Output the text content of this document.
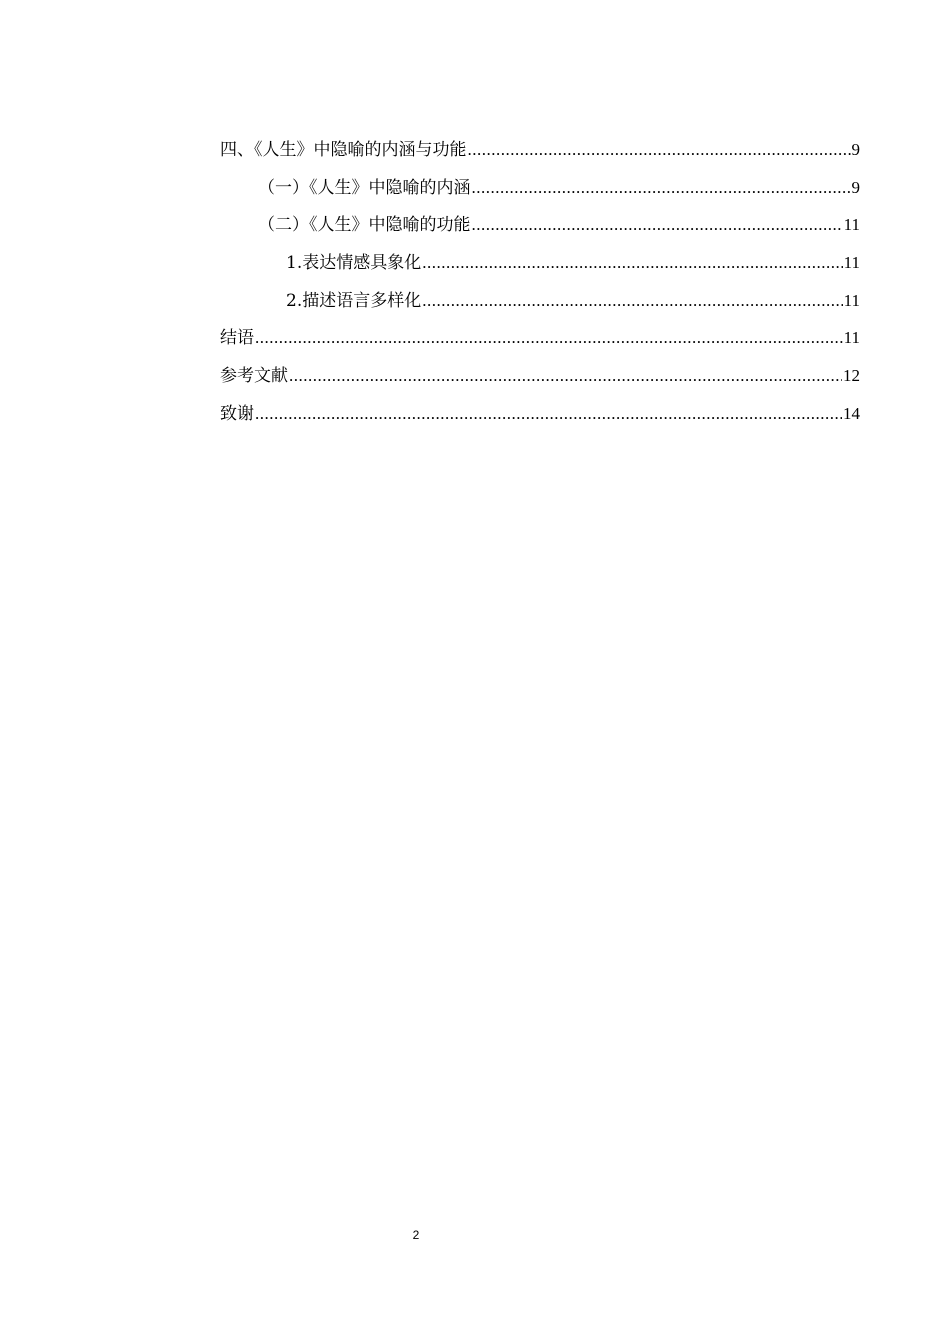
四、《人生》中隐喻的内涵与功能 .....	9
（一）《人生》中隐喻的内涵 .....	9
（二）《人生》中隐喻的功能 .....	11
1.表达情感具象化 .....	11
2.描述语言多样化 .....	11
结语 .....	11
参考文献 .....	12
致谢 .....	14
2
